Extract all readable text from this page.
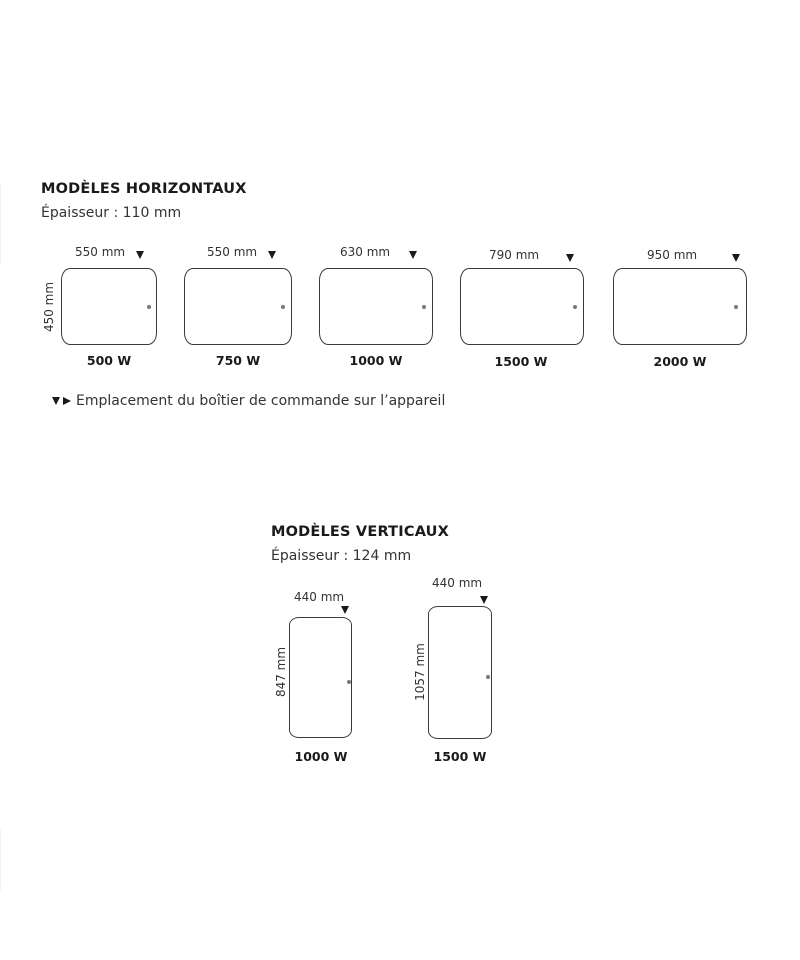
MODÈLES HORIZONTAUX

Épaisseur : 110 mm

450 mm
550 mm
500 W
550 mm
750 W
630 mm
1000 W
790 mm
1500 W
950 mm
2000 W
Emplacement du boîtier de commande sur l’appareil
MODÈLES VERTICAUX

Épaisseur : 124 mm

440 mm
847 mm
1000 W
440 mm
1057 mm
1500 W
